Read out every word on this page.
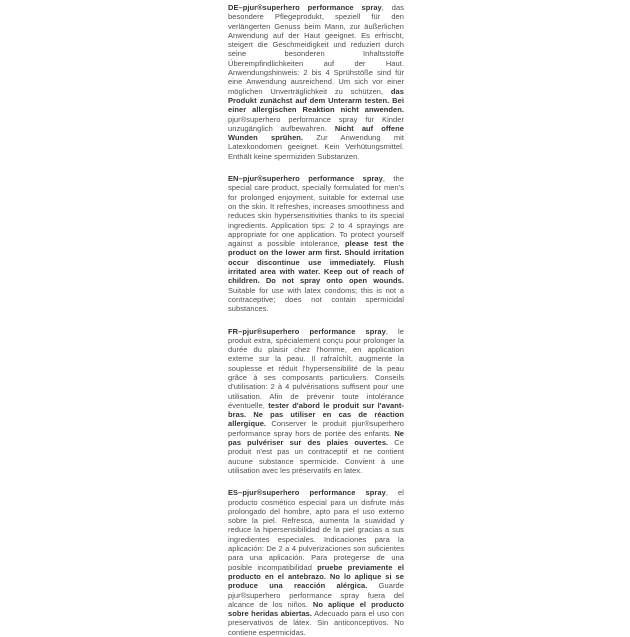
DE–pjur®superhero performance spray, das besondere Pflegeprodukt, speziell für den verlängerten Genuss beim Mann, zur äußerlichen Anwendung auf der Haut geeignet. Es erfrischt, steigert die Geschmeidigkeit und reduziert durch seine besonderen Inhaltsstoffe Überempfindlichkeiten auf der Haut. Anwendungshinweis: 2 bis 4 Sprühstöße sind für eine Anwendung ausreichend. Um sich vor einer möglichen Unverträglichkeit zu schützen, das Produkt zunächst auf dem Unterarm testen. Bei einer allergischen Reaktion nicht anwenden. pjur®superhero performance spray für Kinder unzugänglich aufbewahren. Nicht auf offene Wunden sprühen. Zur Anwendung mit Latexkondomen geeignet. Kein Verhütungsmittel. Enthält keine spermiziden Substanzen.

EN–pjur®superhero performance spray, the special care product, specially formulated for men's for prolonged enjoyment, suitable for external use on the skin. It refreshes, increases smoothness and reduces skin hypersensitivities thanks to its special ingredients. Application tips: 2 to 4 sprayings are appropriate for one application. To protect yourself against a possible intolerance, please test the product on the lower arm first. Should irritation occur discontinue use immediately. Flush irritated area with water. Keep out of reach of children. Do not spray onto open wounds. Suitable for use with latex condoms; this is not a contraceptive; does not contain spermicidal substances.

FR–pjur®superhero performance spray, le produit extra, spécialement conçu pour prolonger la durée du plaisir chez l'homme, en application externe sur la peau. Il rafraîchît, augmente la souplesse et réduit l'hypersensibilité de la peau grâce à ses composants particuliers. Conseils d'utilisation: 2 à 4 pulvérisations suffisent pour une utilisation. Afin de prévenir toute intolérance éventuelle, tester d'abord le produit sur l'avant-bras. Ne pas utiliser en cas de réaction allergique. Conserver le produit pjur®superhero performance spray hors de portée des enfants. Ne pas pulvériser sur des plaies ouvertes. Ce produit n'est pas un contraceptif et ne contient aucune substance spermicide. Convient à une utilisation avec les préservatifs en latex.

ES–pjur®superhero performance spray, el producto cosmético especial para un disfrute más prolongado del hombre, apto para el uso externo sobre la piel. Refresca, aumenta la suavidad y reduce la hipersensibilidad de la piel gracias a sus ingredientes especiales. Indicaciones para la aplicación: De 2 a 4 pulverizaciones son suficientes para una aplicación. Para protegerse de una posible incompatibilidad pruebe previamente el producto en el antebrazo. No lo aplique si se produce una reacción alérgica. Guarde pjur®superhero performance spray fuera del alcance de los niños. No aplique el producto sobre heridas abiertas. Adecuado para el uso con preservativos de látex. Sin anticonceptivos. No contiene espermicidas.
